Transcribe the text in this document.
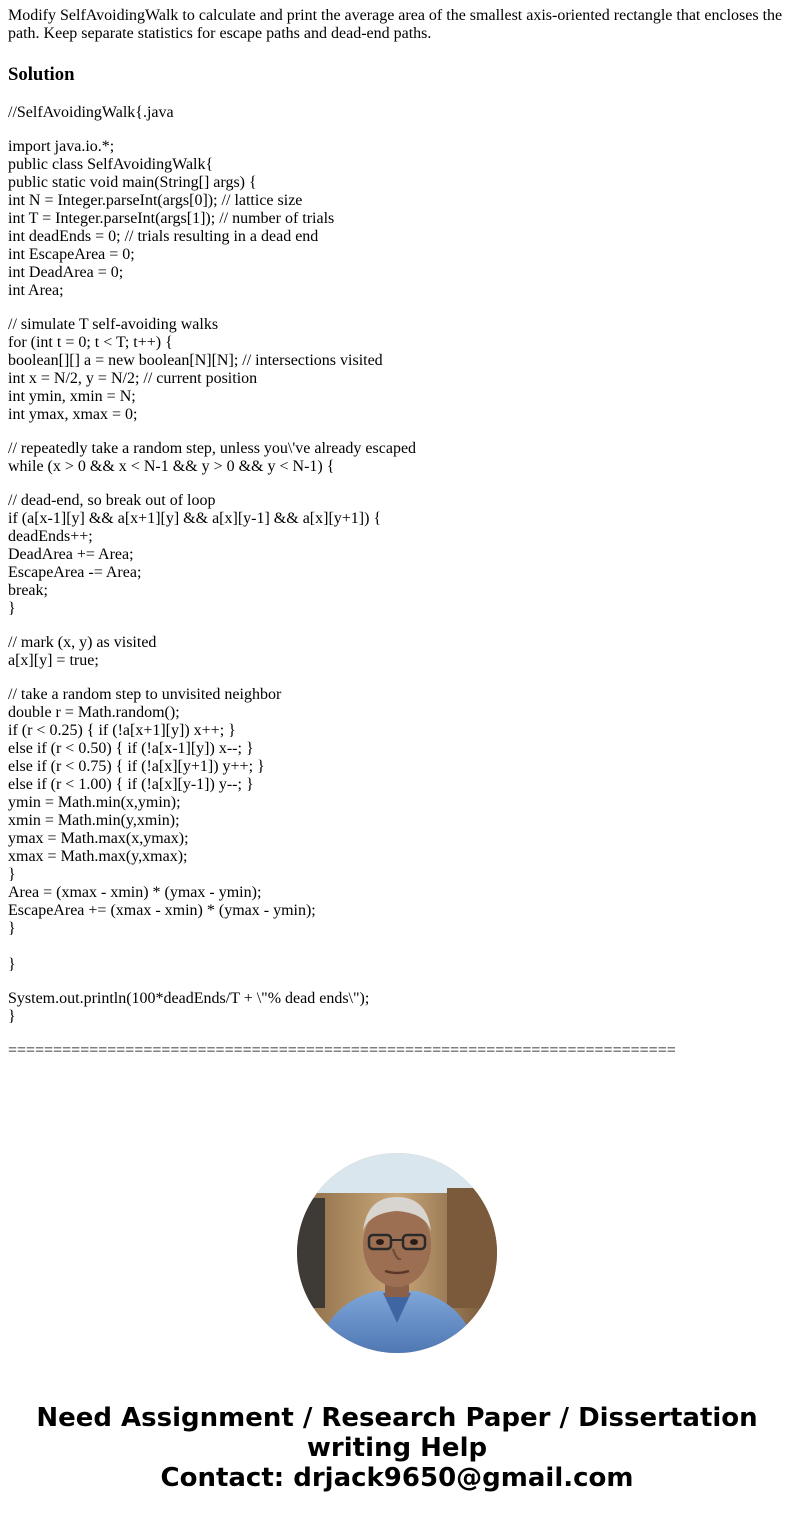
Modify SelfAvoidingWalk to calculate and print the average area of the smallest axis-oriented rectangle that encloses the path. Keep separate statistics for escape paths and dead-end paths.

Solution
//SelfAvoidingWalk{.java
import java.io.*;
public class SelfAvoidingWalk{
public static void main(String[] args) {
int N = Integer.parseInt(args[0]); // lattice size
int T = Integer.parseInt(args[1]); // number of trials
int deadEnds = 0; // trials resulting in a dead end
int EscapeArea = 0;
int DeadArea = 0;
int Area;
// simulate T self-avoiding walks
for (int t = 0; t < T; t++) {
boolean[][] a = new boolean[N][N]; // intersections visited
int x = N/2, y = N/2; // current position
int ymin, xmin = N;
int ymax, xmax = 0;
// repeatedly take a random step, unless you\'ve already escaped
while (x > 0 && x < N-1 && y > 0 && y < N-1) {
// dead-end, so break out of loop
if (a[x-1][y] && a[x+1][y] && a[x][y-1] && a[x][y+1]) {
deadEnds++;
DeadArea += Area;
EscapeArea -= Area;
break;
}
// mark (x, y) as visited
a[x][y] = true;
// take a random step to unvisited neighbor
double r = Math.random();
if (r < 0.25) { if (!a[x+1][y]) x++; }
else if (r < 0.50) { if (!a[x-1][y]) x--; }
else if (r < 0.75) { if (!a[x][y+1]) y++; }
else if (r < 1.00) { if (!a[x][y-1]) y--; }
ymin = Math.min(x,ymin);
xmin = Math.min(y,xmin);
ymax = Math.max(x,ymax);
xmax = Math.max(y,xmax);
}
Area = (xmax - xmin) * (ymax - ymin);
EscapeArea += (xmax - xmin) * (ymax - ymin);
}
}
System.out.println(100*deadEnds/T + \"% dead ends\");
}
==========================================================================
Need Assignment / Research Paper / Dissertation
writing Help
Contact: drjack9650@gmail.com
